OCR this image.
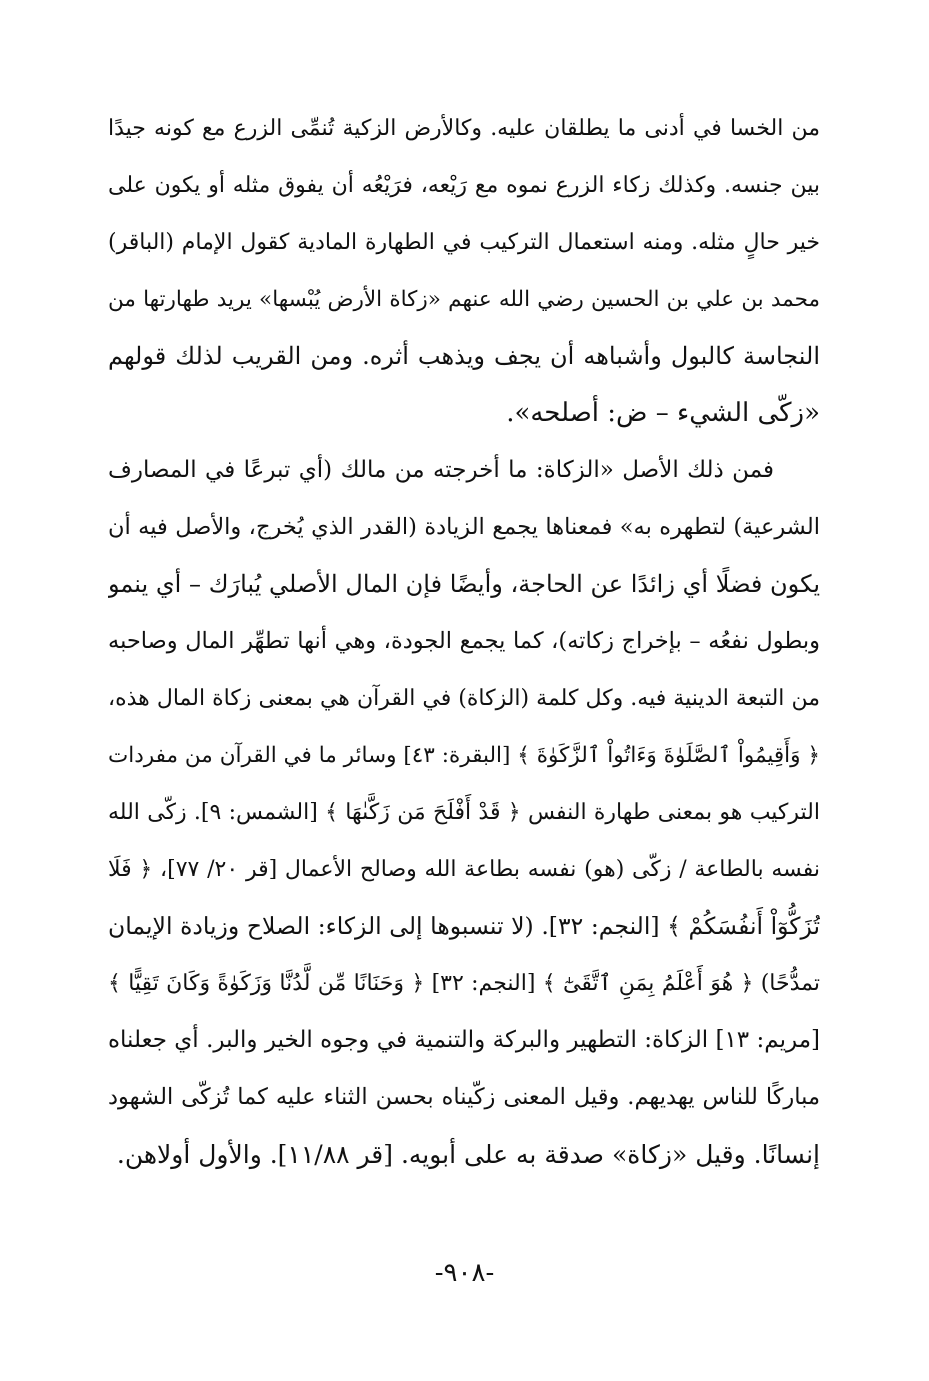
من الخسا في أدنى ما يطلقان عليه. وكالأرض الزكية تُنمِّى الزرع مع كونه جيدًا
بين جنسه. وكذلك زكاء الزرع نموه مع رَيْعه، فرَيْعُه أن يفوق مثله أو يكون على
خير حالٍ مثله. ومنه استعمال التركيب في الطهارة المادية كقول الإمام (الباقر)
محمد بن علي بن الحسين رضي الله عنهم «زكاة الأرض يُبْسها» يريد طهارتها من
النجاسة كالبول وأشباهه أن يجف ويذهب أثره. ومن القريب لذلك قولهم
«زكّى الشيء – ض: أصلحه».
فمن ذلك الأصل «الزكاة: ما أخرجته من مالك (أي تبرعًا في المصارف
الشرعية) لتطهره به» فمعناها يجمع الزيادة (القدر الذي يُخرج، والأصل فيه أن
يكون فضلًا أي زائدًا عن الحاجة، وأيضًا فإن المال الأصلي يُبارَك – أي ينمو
وبطول نفعُه – بإخراج زكاته)، كما يجمع الجودة، وهي أنها تطهِّر المال وصاحبه
من التبعة الدينية فيه. وكل كلمة (الزكاة) في القرآن هي بمعنى زكاة المال هذه،
﴿ وَأَقِيمُواْ ٱلصَّلَوٰةَ وَءَاتُواْ ٱلزَّكَوٰةَ ﴾ [البقرة: ٤٣] وسائر ما في القرآن من مفردات
التركيب هو بمعنى طهارة النفس ﴿ قَدْ أَفْلَحَ مَن زَكَّىٰهَا ﴾ [الشمس: ٩]. زكّى الله
نفسه بالطاعة / زكّى (هو) نفسه بطاعة الله وصالح الأعمال [قر ٢٠/ ٧٧]، ﴿ فَلَا
تُزَكُّوٓاْ أَنفُسَكُمْ ﴾ [النجم: ٣٢]. (لا تنسبوها إلى الزكاء: الصلاح وزيادة الإيمان
تمدُّحًا) ﴿ هُوَ أَعْلَمُ بِمَنِ ٱتَّقَىٰٓ ﴾ [النجم: ٣٢] ﴿ وَحَنَانًا مِّن لَّدُنَّا وَزَكَوٰةً وَكَانَ تَقِيًّا ﴾
[مريم: ١٣] الزكاة: التطهير والبركة والتنمية في وجوه الخير والبر. أي جعلناه
مباركًا للناس يهديهم. وقيل المعنى زكّيناه بحسن الثناء عليه كما تُزكّى الشهود
إنسانًا. وقيل «زكاة» صدقة به على أبويه. [قر ١١/٨٨]. والأول أولاهن.
-٩٠٨-
